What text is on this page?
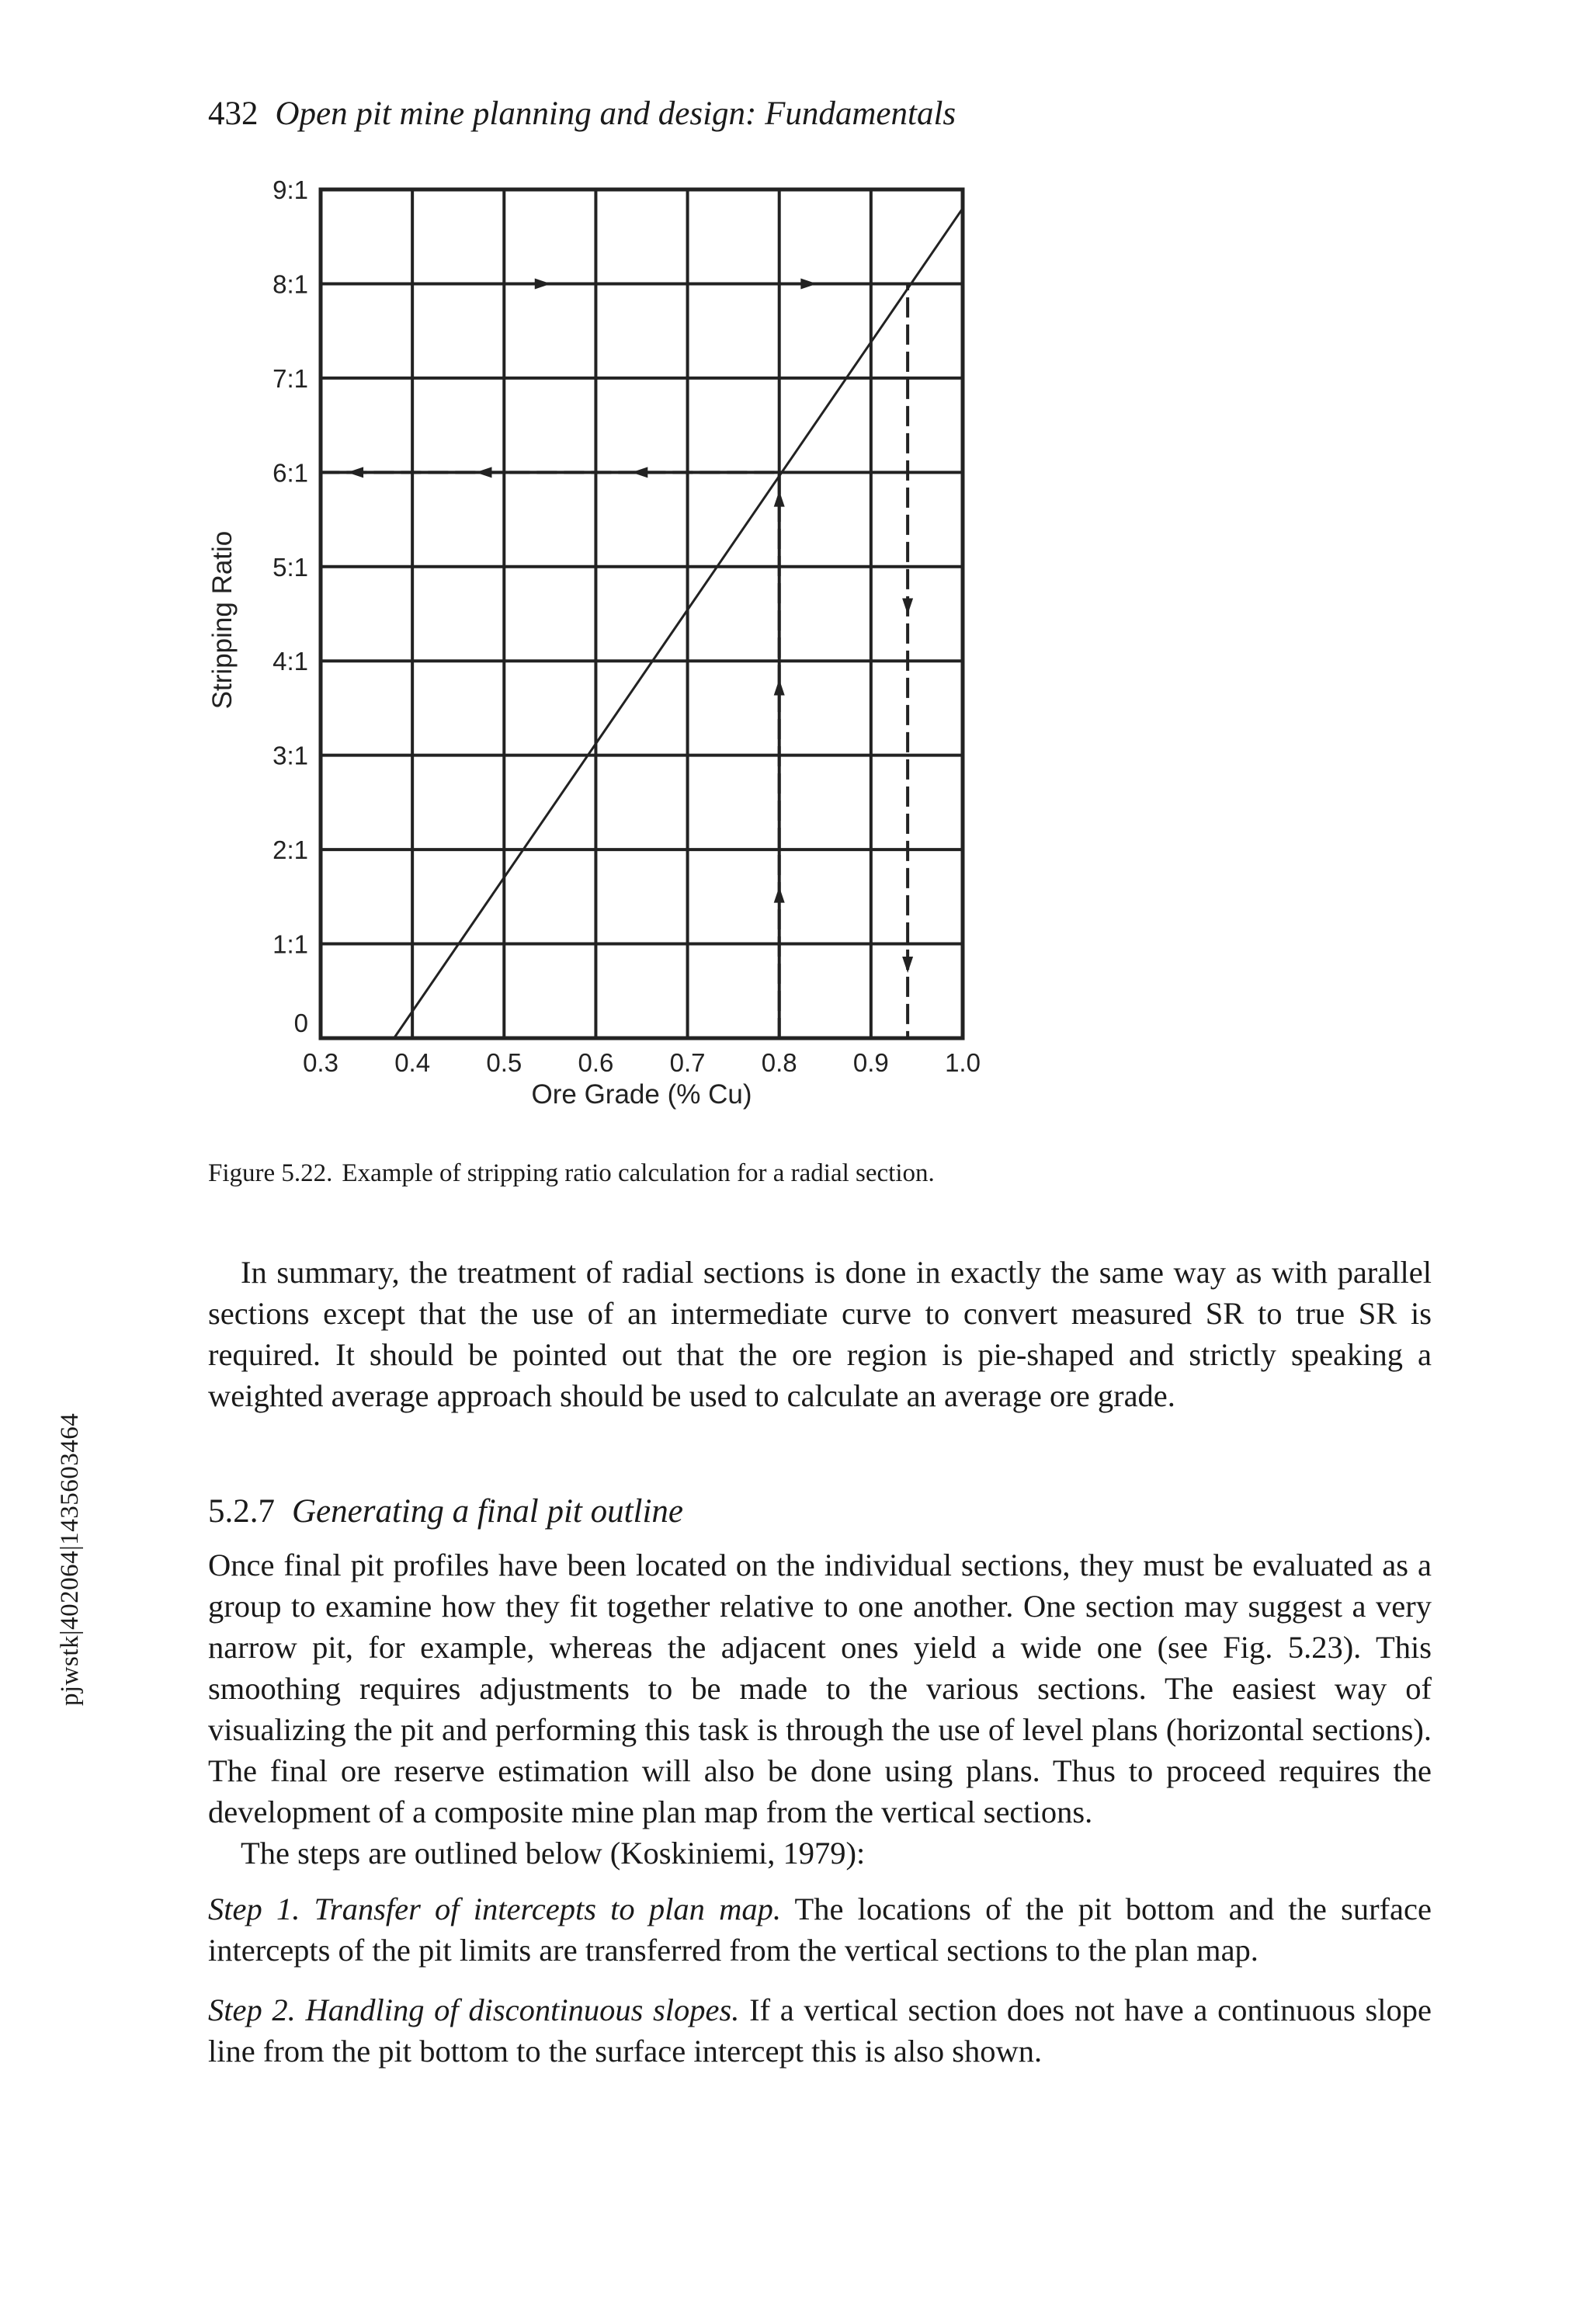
432 Open pit mine planning and design: Fundamentals
pjwstk|402064|1435603464
0.3 0.4 0.5 0.6 0.7 0.8 0.9 1.0
0
1:1
2:1
3:1
4:1
5:1
6:1
7:1
8:1
9:1
Ore Grade (% Cu)
Stripping Ratio
Figure 5.22. Example of stripping ratio calculation for a radial section.

In summary, the treatment of radial sections is done in exactly the same way as with parallel sections except that the use of an intermediate curve to convert measured SR to true SR is required. It should be pointed out that the ore region is pie-shaped and strictly speaking a weighted average approach should be used to calculate an average ore grade.

5.2.7 Generating a final pit outline

Once final pit profiles have been located on the individual sections, they must be evaluated as a group to examine how they fit together relative to one another. One section may suggest a very narrow pit, for example, whereas the adjacent ones yield a wide one (see Fig. 5.23). This smoothing requires adjustments to be made to the various sections. The easiest way of visualizing the pit and performing this task is through the use of level plans (horizontal sections). The final ore reserve estimation will also be done using plans. Thus to proceed requires the development of a composite mine plan map from the vertical sections.

The steps are outlined below (Koskiniemi, 1979):

Step 1. Transfer of intercepts to plan map. The locations of the pit bottom and the surface intercepts of the pit limits are transferred from the vertical sections to the plan map.

Step 2. Handling of discontinuous slopes. If a vertical section does not have a continuous slope line from the pit bottom to the surface intercept this is also shown.
